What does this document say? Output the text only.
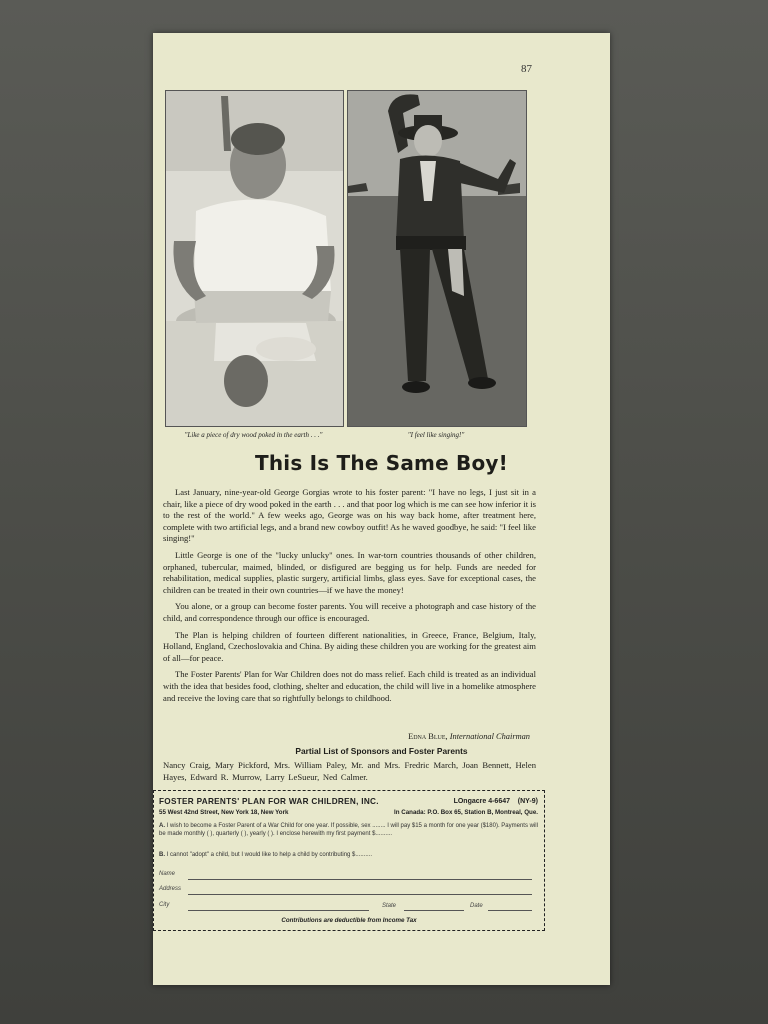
87
"Like a piece of dry wood poked in the earth . . ."	"I feel like singing!"
This Is The Same Boy!

Last January, nine-year-old George Gorgias wrote to his foster parent: "I have no legs, I just sit in a chair, like a piece of dry wood poked in the earth . . . and that poor log which is me can see how inferior it is to the rest of the world." A few weeks ago, George was on his way back home, after treatment here, complete with two artificial legs, and a brand new cowboy outfit! As he waved goodbye, he said: "I feel like singing!"

Little George is one of the "lucky unlucky" ones. In war-torn countries thousands of other children, orphaned, tubercular, maimed, blinded, or disfigured are begging us for help. Funds are needed for rehabilitation, medical supplies, plastic surgery, artificial limbs, glass eyes. Save for exceptional cases, the children can be treated in their own countries—if we have the money!

You alone, or a group can become foster parents. You will receive a photograph and case history of the child, and correspondence through our office is encouraged.

The Plan is helping children of fourteen different nationalities, in Greece, France, Belgium, Italy, Holland, England, Czechoslovakia and China. By aiding these children you are working for the greatest aim of all—for peace.

The Foster Parents' Plan for War Children does not do mass relief. Each child is treated as an individual with the idea that besides food, clothing, shelter and education, the child will live in a homelike atmosphere and receive the loving care that so rightfully belongs to childhood.

Edna Blue, International Chairman
Partial List of Sponsors and Foster Parents
Nancy Craig, Mary Pickford, Mrs. William Paley, Mr. and Mrs. Fredric March, Joan Bennett, Helen Hayes, Edward R. Murrow, Larry LeSueur, Ned Calmer.
FOSTER PARENTS' PLAN FOR WAR CHILDREN, INC.	LOngacre 4-6647 (NY-9)
55 West 42nd Street, New York 18, New York	In Canada: P.O. Box 65, Station B, Montreal, Que.
A. I wish to become a Foster Parent of a War Child for one year. If possible, sex ........ I will pay $15 a month for one year ($180). Payments will be made monthly ( ), quarterly ( ), yearly ( ). I enclose herewith my first payment $..........
B. I cannot "adopt" a child, but I would like to help a child by contributing $..........
Name
Address
City	State	Date
Contributions are deductible from Income Tax
